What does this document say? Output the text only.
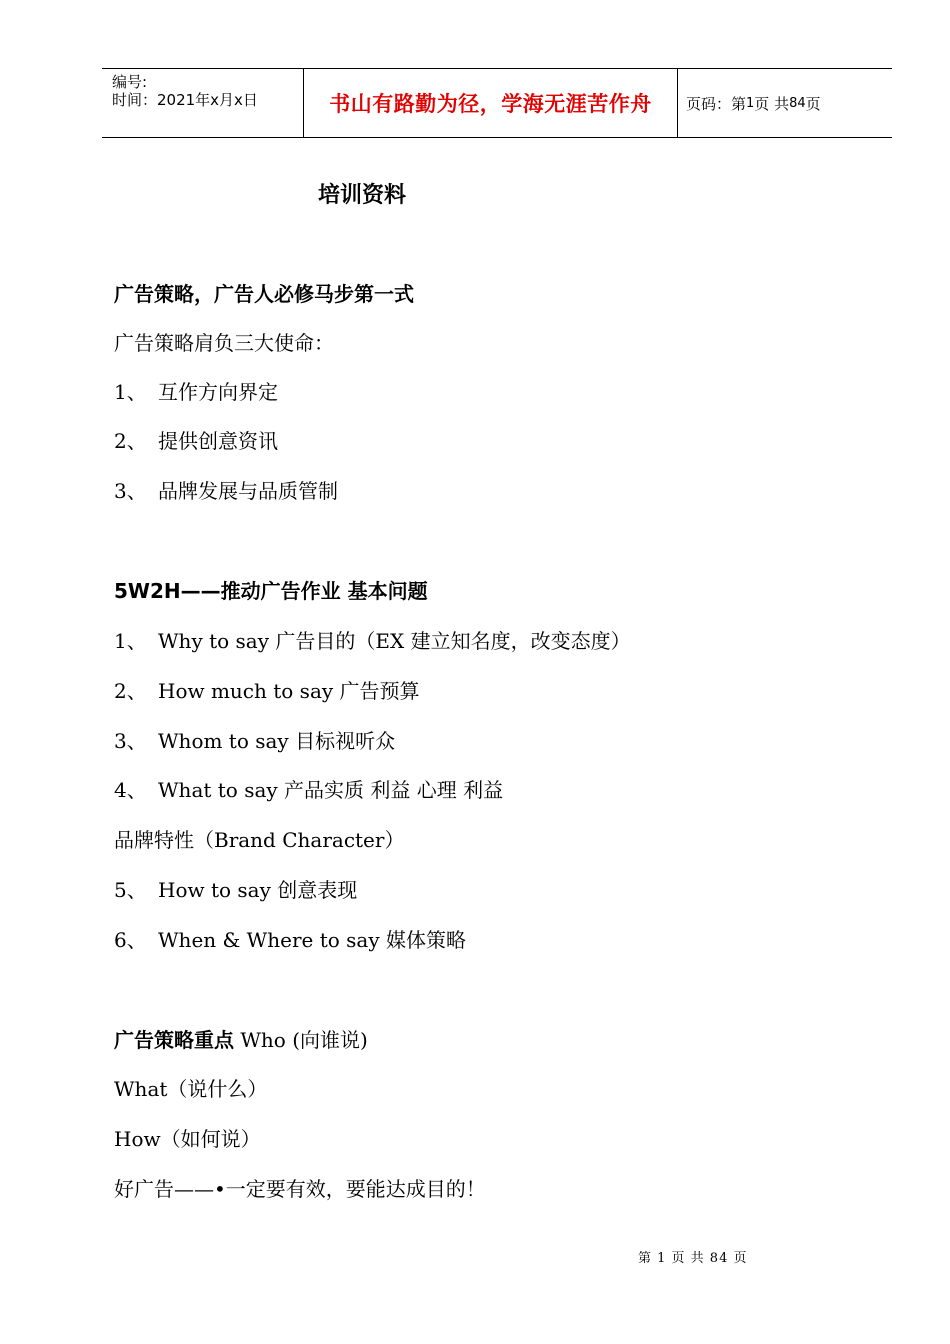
编号:
时间：2021年x月x日	书山有路勤为径，学海无涯苦作舟 页码：第 1 页 共 84 页
培训资料
广告策略，广告人必修马步第一式
广告策略肩负三大使命：
1、 互作方向界定
2、 提供创意资讯
3、 品牌发展与品质管制
5W2H——推动广告作业 基本问题
1、 Why to say 广告目的（EX 建立知名度，改变态度）
2、 How much to say 广告预算
3、 Whom to say 目标视听众
4、 What to say 产品实质 利益 心理 利益
品牌特性（Brand Character）
5、 How to say 创意表现
6、 When & Where to say 媒体策略
广告策略重点 Who (向谁说)
What（说什么）
How（如何说）
好广告——•一定要有效，要能达成目的！
第 1 页 共 84 页
